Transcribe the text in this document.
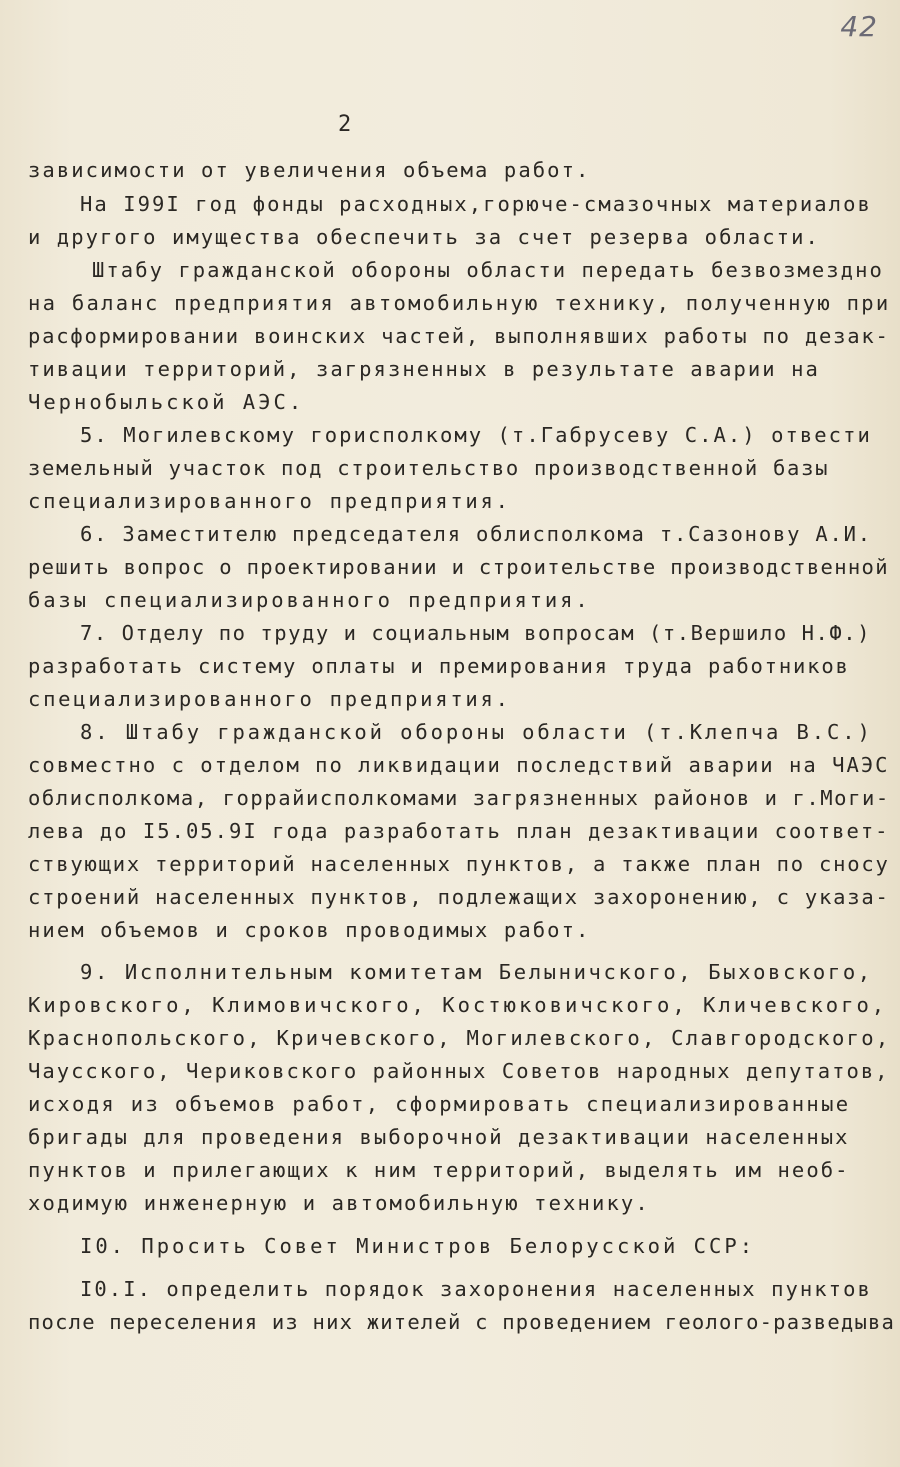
42
2
зависимости от увеличения объема работ.
На I99I год фонды расходных,горюче-смазочных материалов
и другого имущества обеспечить за счет резерва области.
Штабу гражданской обороны области передать безвозмездно
на баланс предприятия автомобильную технику, полученную при
расформировании воинских частей, выполнявших работы по дезак-
тивации территорий, загрязненных в результате аварии на
Чернобыльской АЭС.
5. Могилевскому горисполкому (т.Габрусеву С.А.) отвести
земельный участок под строительство производственной базы
специализированного предприятия.
6. Заместителю председателя облисполкома т.Сазонову А.И.
решить вопрос о проектировании и строительстве производственной
базы специализированного предприятия.
7. Отделу по труду и социальным вопросам (т.Вершило Н.Ф.)
разработать систему оплаты и премирования труда работников
специализированного предприятия.
8. Штабу гражданской обороны области (т.Клепча В.С.)
совместно с отделом по ликвидации последствий аварии на ЧАЭС
облисполкома, горрайисполкомами загрязненных районов и г.Моги-
лева до I5.05.9I года разработать план дезактивации соответ-
ствующих территорий населенных пунктов, а также план по сносу
строений населенных пунктов, подлежащих захоронению, с указа-
нием объемов и сроков проводимых работ.
9. Исполнительным комитетам Белыничского, Быховского,
Кировского, Климовичского, Костюковичского, Кличевского,
Краснопольского, Кричевского, Могилевского, Славгородского,
Чаусского, Чериковского районных Советов народных депутатов,
исходя из объемов работ, сформировать специализированные
бригады для проведения выборочной дезактивации населенных
пунктов и прилегающих к ним территорий, выделять им необ-
ходимую инженерную и автомобильную технику.
I0. Просить Совет Министров Белорусской ССР:
I0.I. определить порядок захоронения населенных пунктов
после переселения из них жителей с проведением геолого-разведыва
